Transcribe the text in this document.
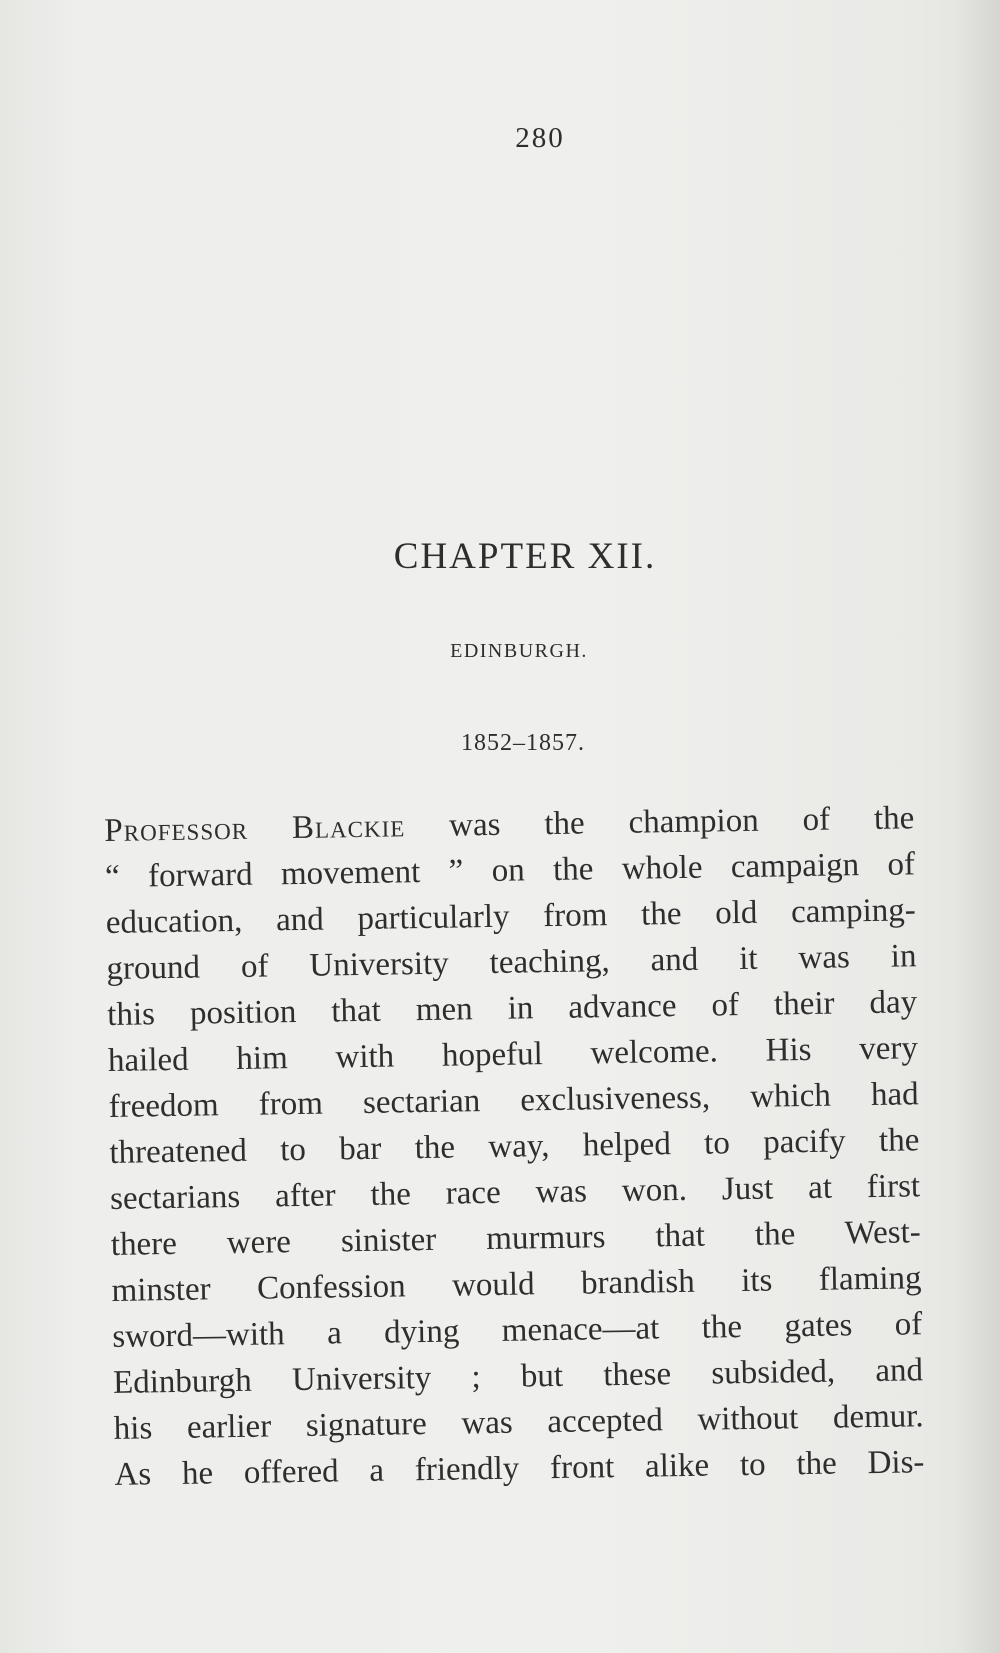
280
CHAPTER XII.
EDINBURGH.
1852–1857.
Professor Blackie was the champion of the
“ forward movement ” on the whole campaign of
education, and particularly from the old camping-
ground of University teaching, and it was in
this position that men in advance of their day
hailed him with hopeful welcome. His very
freedom from sectarian exclusiveness, which had
threatened to bar the way, helped to pacify the
sectarians after the race was won. Just at first
there were sinister murmurs that the West-
minster Confession would brandish its flaming
sword—with a dying menace—at the gates of
Edinburgh University ; but these subsided, and
his earlier signature was accepted without demur.
As he offered a friendly front alike to the Dis-
